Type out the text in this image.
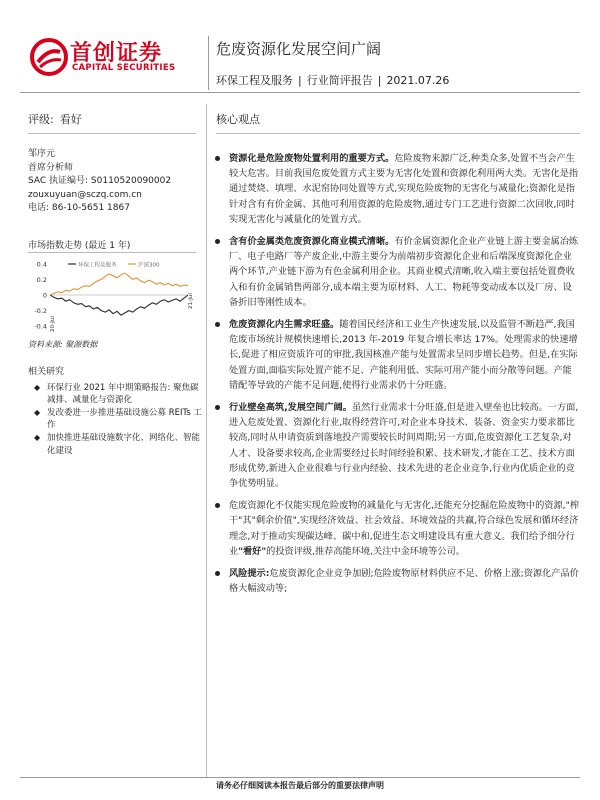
首创证券
CAPITAL SECURITIES
危废资源化发展空间广阔
环保工程及服务 | 行业简评报告 | 2021.07.26
评级: 看好
邹序元
首席分析师
SAC 执证编号: S0110520090002
zouxuyuan@sczq.com.cn
电话: 86-10-5651 1867
市场指数走势 (最近 1 年)
0.4
0.2
0
-0.2
-0.4
环保工程及服务	沪深300
20-Jul
21-Jul
资料来源: 聚源数据
相关研究
◆ 环保行业 2021 年中期策略报告: 聚焦碳减排、减量化与资源化
◆ 发改委进一步推进基础设施公募 REITs 工作
◆ 加快推进基础设施数字化、网络化、智能化建设
核心观点
资源化是危险废物处置利用的重要方式。危险废物来源广泛,种类众多,处置不当会产生较大危害。目前我国危废处置方式主要为无害化处置和资源化利用两大类。无害化是指通过焚烧、填埋、水泥窑协同处置等方式,实现危险废物的无害化与减量化;资源化是指针对含有有价金属、其他可利用资源的危险废物,通过专门工艺进行资源二次回收,同时实现无害化与减量化的处置方式。
含有价金属类危废资源化商业模式清晰。有价金属资源化企业产业链上游主要金属冶炼厂、电子电路厂等产废企业,中游主要分为前端初步资源化企业和后端深度资源化企业两个环节,产业链下游为有色金属利用企业。其商业模式清晰,收入端主要包括处置费收入和有价金属销售两部分,成本端主要为原材料、人工、物耗等变动成本以及厂房、设备折旧等刚性成本。
危废资源化内生需求旺盛。随着国民经济和工业生产快速发展,以及监管不断趋严,我国危废市场统计规模快速增长,2013 年-2019 年复合增长率达 17%。处理需求的快速增长,促进了相应资质许可的审批,我国核准产能与处置需求呈同步增长趋势。但是,在实际处置方面,面临实际处置产能不足、产能利用低、实际可用产能小而分散等问题。产能错配等导致的产能不足问题,使得行业需求仍十分旺盛。
行业壁垒高筑,发展空间广阔。虽然行业需求十分旺盛,但是进入壁垒也比较高。一方面,进入危废处置、资源化行业,取得经营许可,对企业本身技术、装备、资金实力要求都比较高,同时从申请资质到落地投产需要较长时间周期;另一方面,危废资源化工艺复杂,对人才、设备要求较高,企业需要经过长时间经验积累、技术研发,才能在工艺、技术方面形成优势,新进入企业很难与行业内经验、技术先进的老企业竞争,行业内优质企业的竞争优势明显。
危废资源化不仅能实现危险废物的减量化与无害化,还能充分挖掘危险废物中的资源,"榨干"其"剩余价值",实现经济效益、社会效益、环境效益的共赢,符合绿色发展和循环经济理念,对于推动实现碳达峰、碳中和,促进生态文明建设具有重大意义。我们给予细分行业"看好"的投资评级,推荐高能环境,关注中金环境等公司。
风险提示:危废资源化企业竞争加剧;危险废物原材料供应不足、价格上涨;资源化产品价格大幅波动等;
请务必仔细阅读本报告最后部分的重要法律声明
